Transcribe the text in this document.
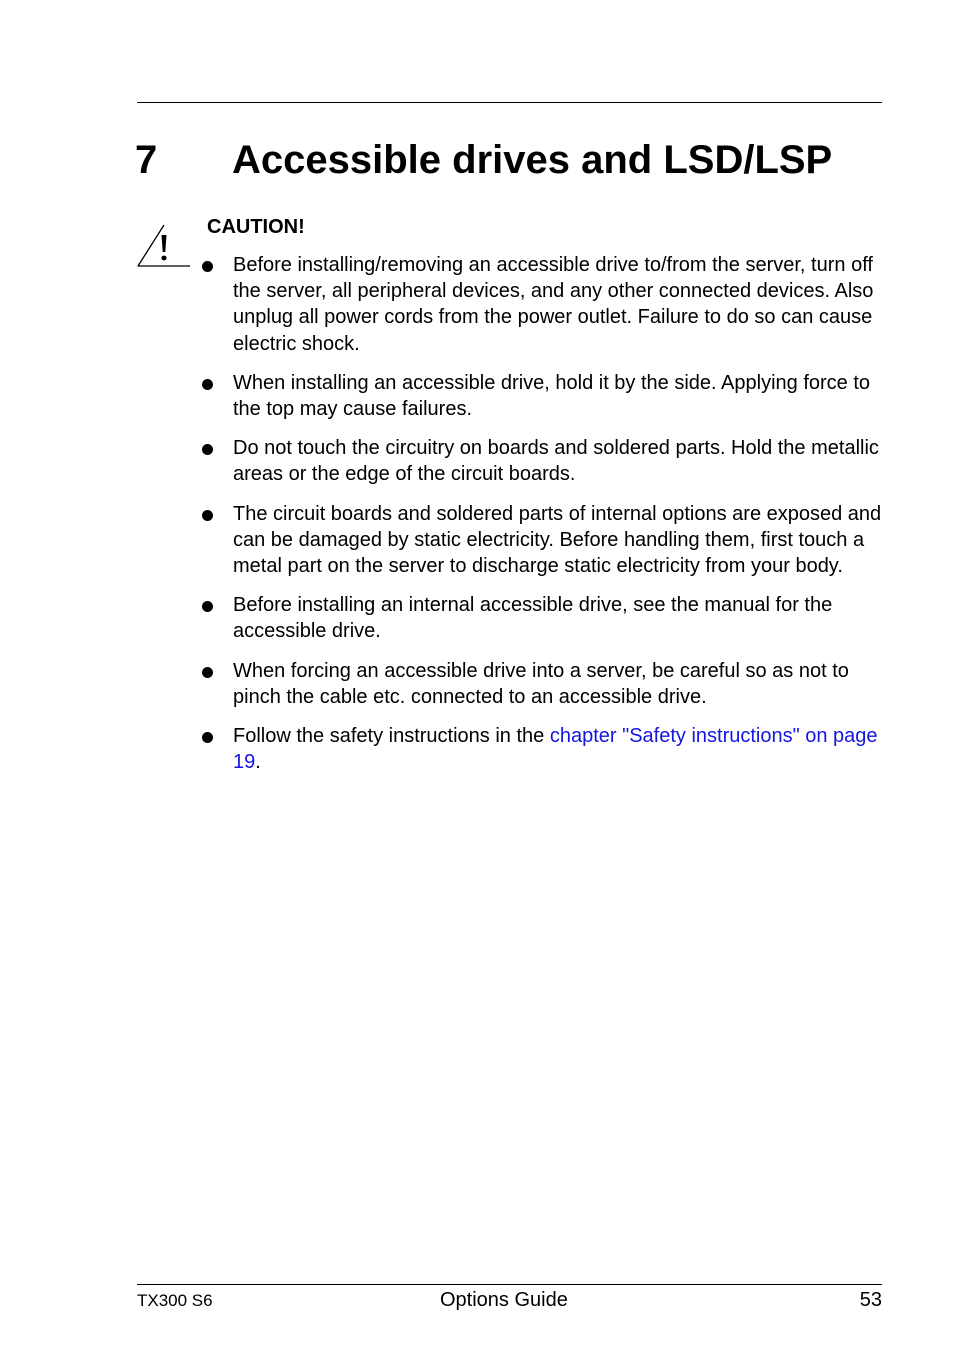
7 Accessible drives and LSD/LSP
CAUTION!
Before installing/removing an accessible drive to/from the server, turn off the server, all peripheral devices, and any other connected devices. Also unplug all power cords from the power outlet. Failure to do so can cause electric shock.
When installing an accessible drive, hold it by the side. Applying force to the top may cause failures.
Do not touch the circuitry on boards and soldered parts. Hold the metallic areas or the edge of the circuit boards.
The circuit boards and soldered parts of internal options are exposed and can be damaged by static electricity. Before handling them, first touch a metal part on the server to discharge static electricity from your body.
Before installing an internal accessible drive, see the manual for the accessible drive.
When forcing an accessible drive into a server, be careful so as not to pinch the cable etc. connected to an accessible drive.
Follow the safety instructions in the chapter "Safety instructions" on page 19.
TX300 S6	Options Guide	53
